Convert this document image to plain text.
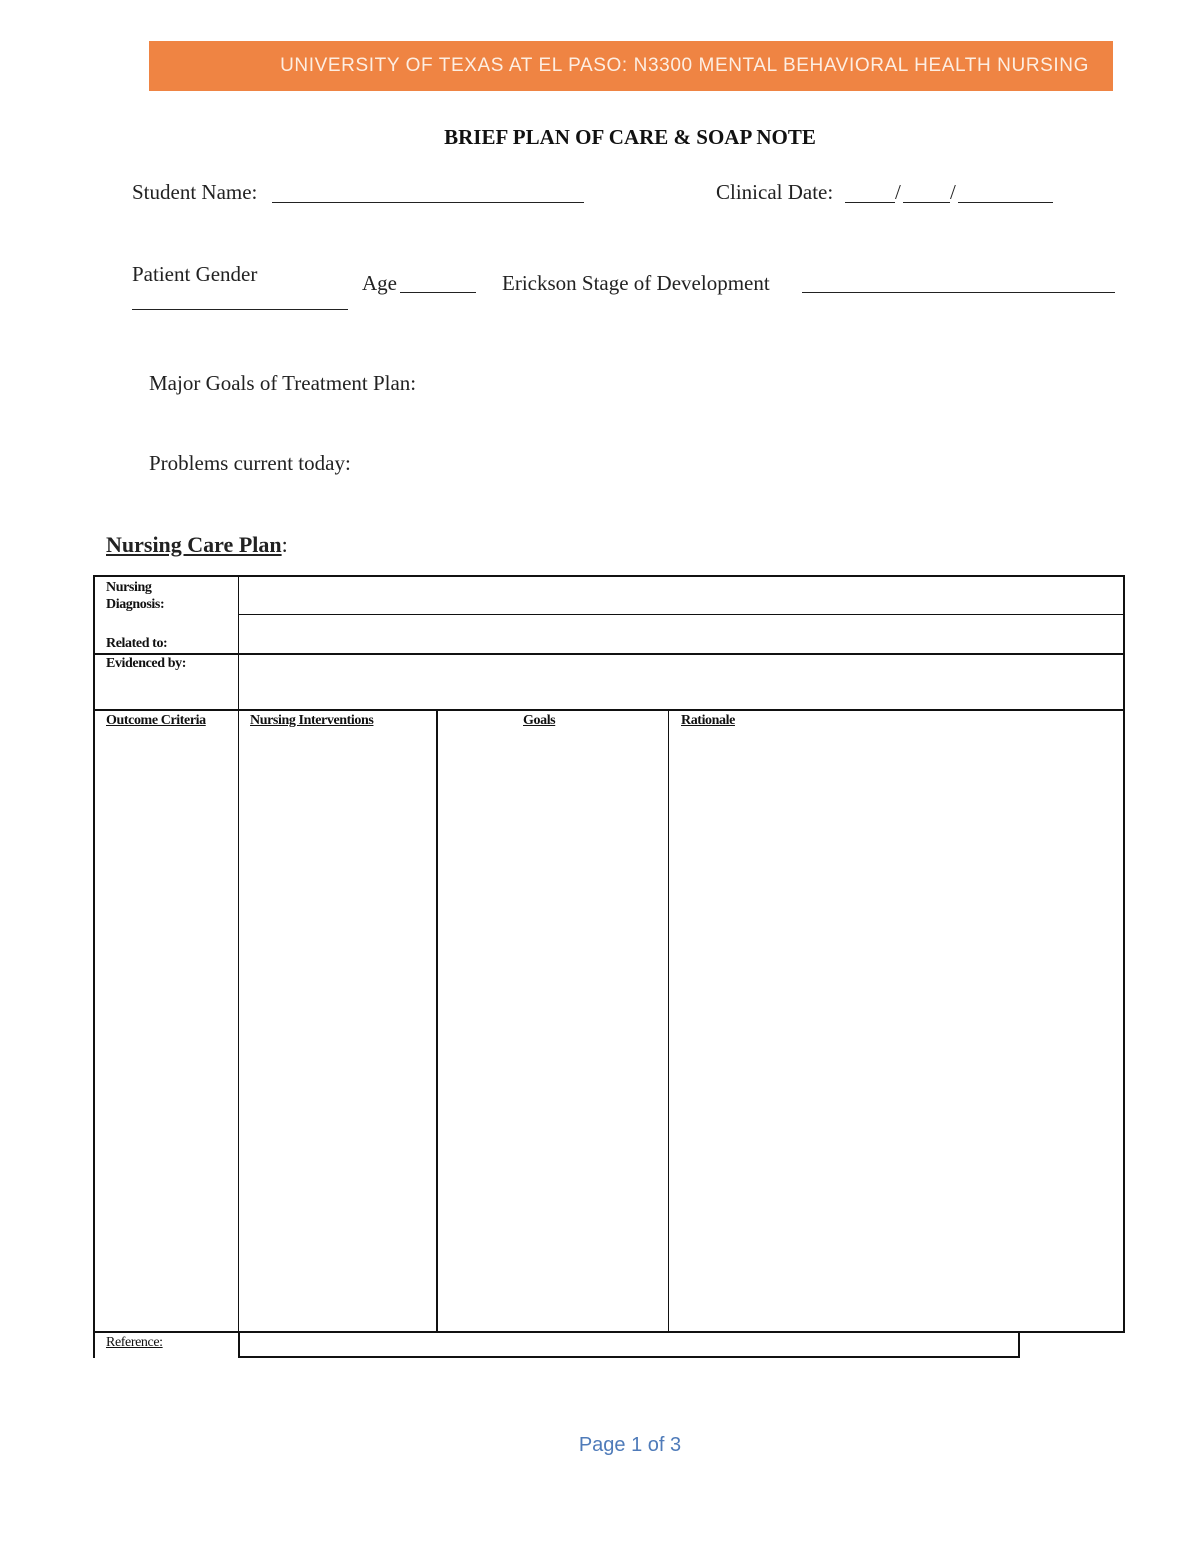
UNIVERSITY OF TEXAS AT EL PASO: N3300 MENTAL BEHAVIORAL HEALTH NURSING
BRIEF PLAN OF CARE & SOAP NOTE
Student Name:	Clinical Date:	/ /
Patient Gender	Age	Erickson Stage of Development
Major Goals of Treatment Plan:
Problems current today:
Nursing Care Plan:
Nursing
Diagnosis:
Related to:
Evidenced by:
Outcome Criteria	Nursing Interventions	Goals	Rationale
Reference:
Page 1 of 3
